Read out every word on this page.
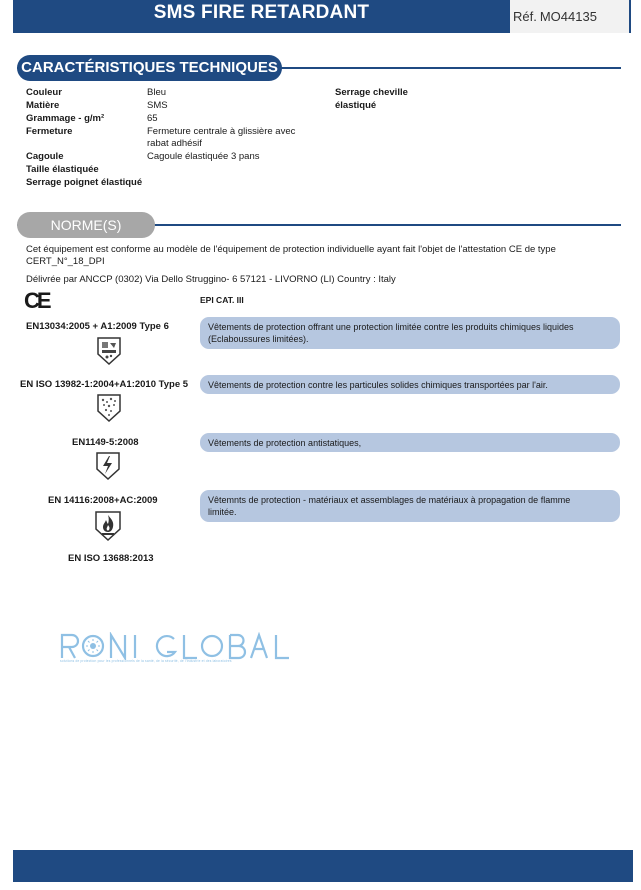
SMS FIRE RETARDANT	Réf. MO44135
CARACTÉRISTIQUES TECHNIQUES
Couleur	Bleu
Matière	SMS
Grammage - g/m²	65
Fermeture	Fermeture centrale à glissière avec
rabat adhésif
Cagoule	Cagoule élastiquée 3 pans
Taille élastiquée
Serrage poignet élastiqué
Serrage cheville
élastiqué
NORME(S)
Cet équipement est conforme au modèle de l'équipement de protection individuelle ayant fait l'objet de l'attestation CE de type
CERT_N°_18_DPI
Délivrée par ANCCP (0302) Via Dello Struggino- 6 57121 - LIVORNO (LI) Country : Italy
CE	EPI CAT. III
EN13034:2005 + A1:2009 Type 6	Vêtements de protection offrant une protection limitée contre les produits chimiques liquides
(Eclaboussures limitées).
EN ISO 13982-1:2004+A1:2010 Type 5 Vêtements de protection contre les particules solides chimiques transportées par l'air.
EN1149-5:2008	Vêtements de protection antistatiques,
EN 14116:2008+AC:2009	Vêtemnts de protection - matériaux et assemblages de matériaux à propagation de flamme
limitée.
EN ISO 13688:2013
solutions de protection pour les professionnels de la santé, de la sécurité, de l'industrie et des laboratoires
